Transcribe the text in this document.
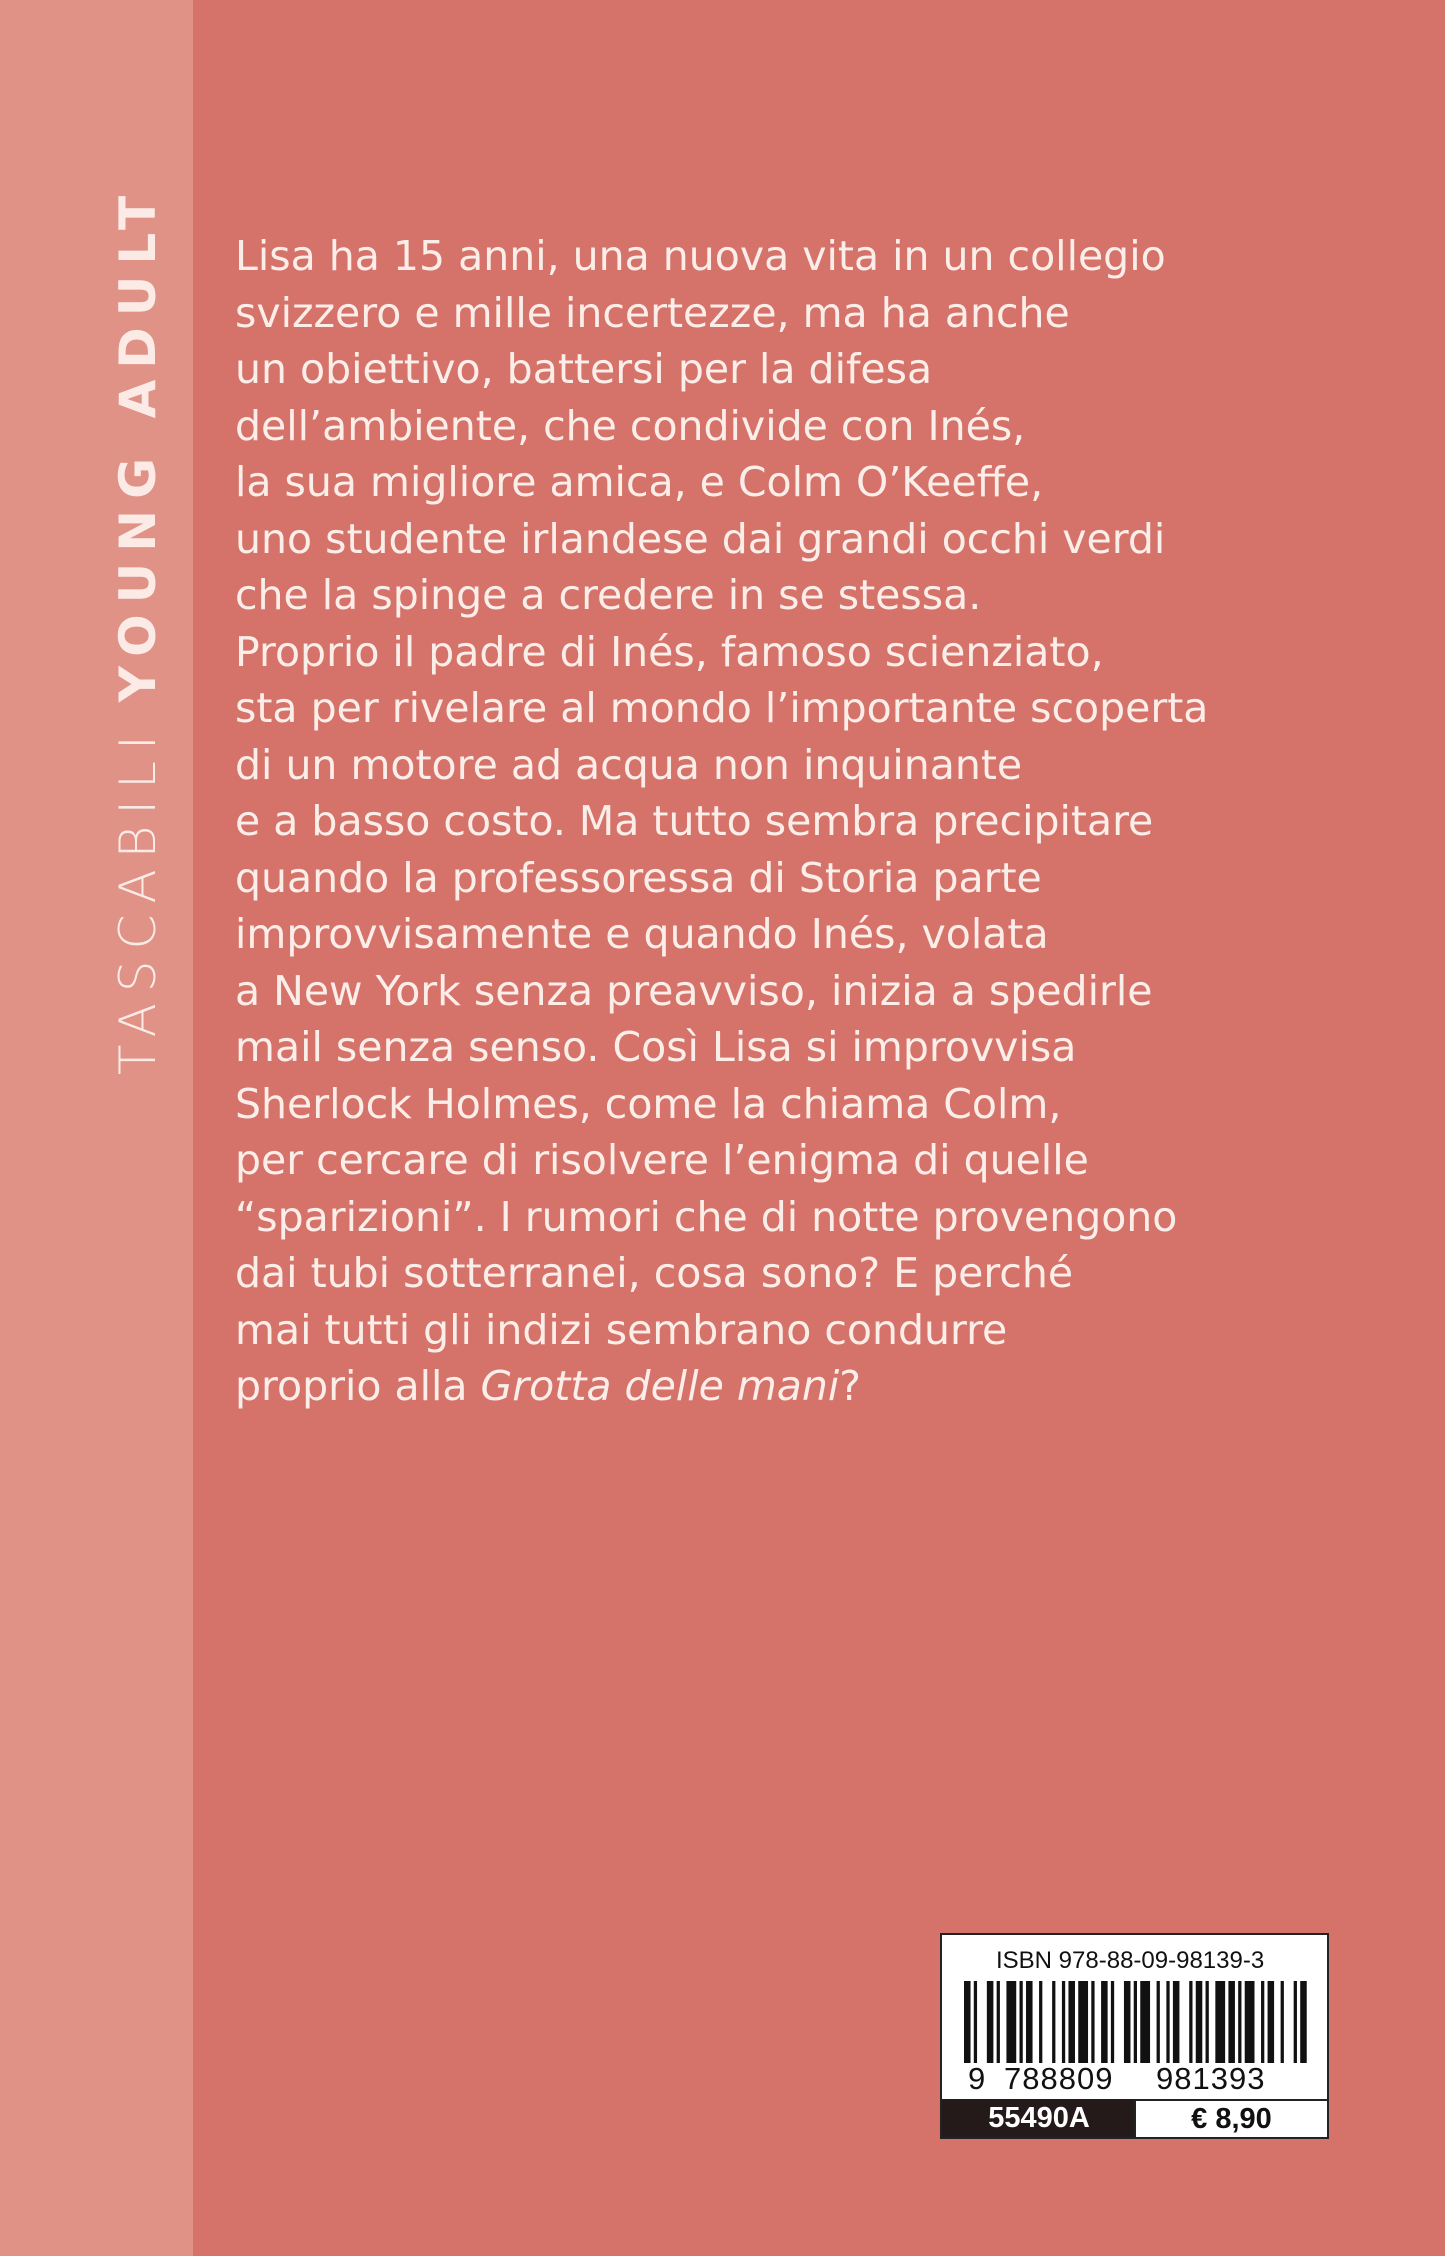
TASCABILIYOUNG ADULT Lisa ha 15 anni, una nuova vita in un collegio
svizzero e mille incertezze, ma ha anche
un obiettivo, battersi per la difesa
dell’ambiente, che condivide con Inés,
la sua migliore amica, e Colm O’Keeffe,
uno studente irlandese dai grandi occhi verdi
che la spinge a credere in se stessa.
Proprio il padre di Inés, famoso scienziato,
sta per rivelare al mondo l’importante scoperta
di un motore ad acqua non inquinante
e a basso costo. Ma tutto sembra precipitare
quando la professoressa di Storia parte
improvvisamente e quando Inés, volata
a New York senza preavviso, inizia a spedirle
mail senza senso. Così Lisa si improvvisa
Sherlock Holmes, come la chiama Colm,
per cercare di risolvere l’enigma di quelle
“sparizioni”. I rumori che di notte provengono
dai tubi sotterranei, cosa sono? E perché
mai tutti gli indizi sembrano condurre
proprio alla Grotta delle mani?
ISBN 978-88-09-98139-3
9 788809 981393
55490A	€ 8,90
